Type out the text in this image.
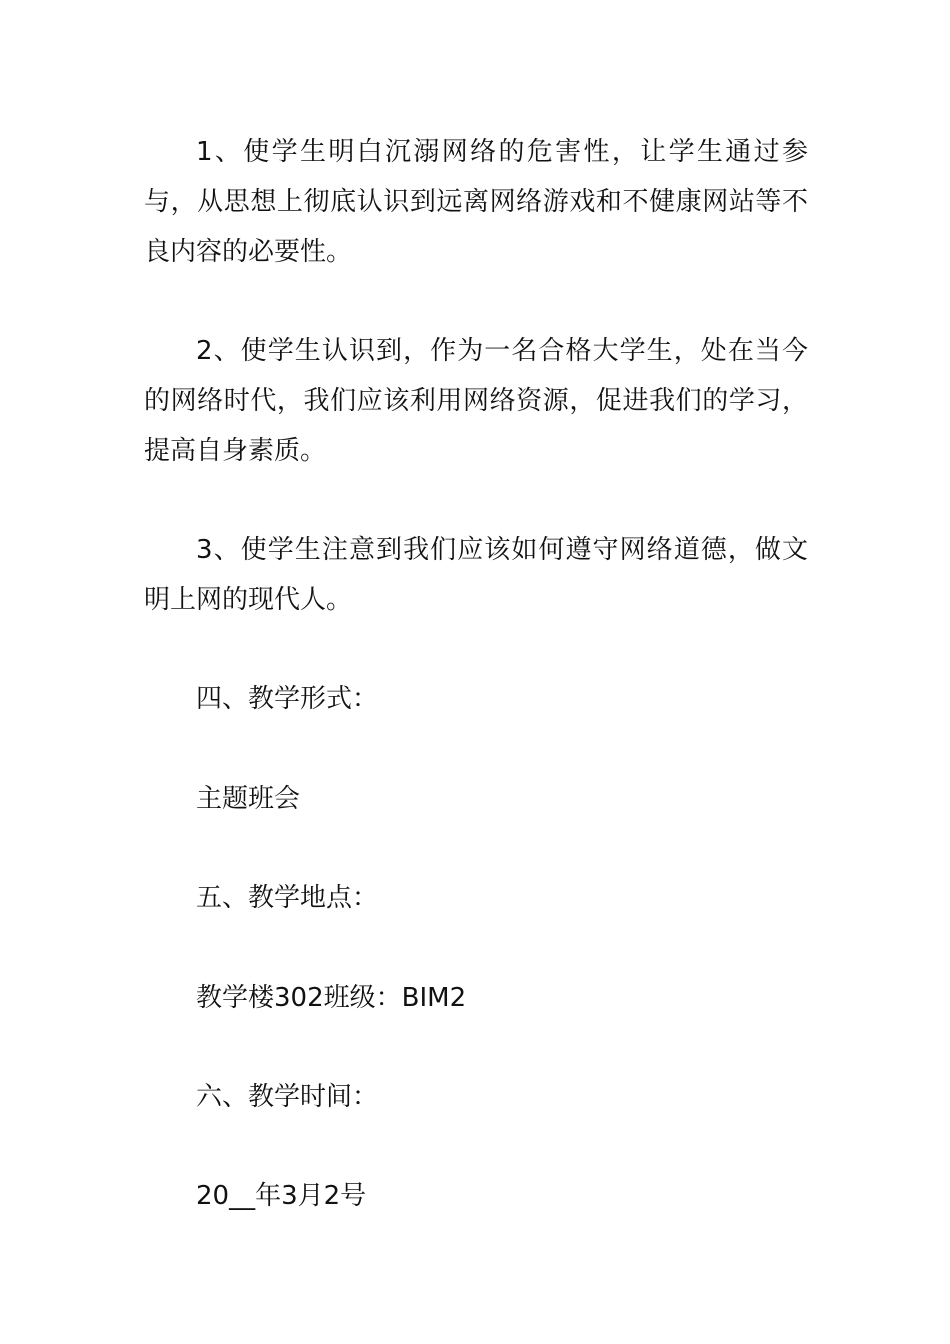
1、使学生明白沉溺网络的危害性，让学生通过参与，从思想上彻底认识到远离网络游戏和不健康网站等不良内容的必要性。
2、使学生认识到，作为一名合格大学生，处在当今的网络时代，我们应该利用网络资源，促进我们的学习，提高自身素质。
3、使学生注意到我们应该如何遵守网络道德，做文明上网的现代人。
四、教学形式：
主题班会
五、教学地点：
教学楼302班级：BIM2
六、教学时间：
20__年3月2号
